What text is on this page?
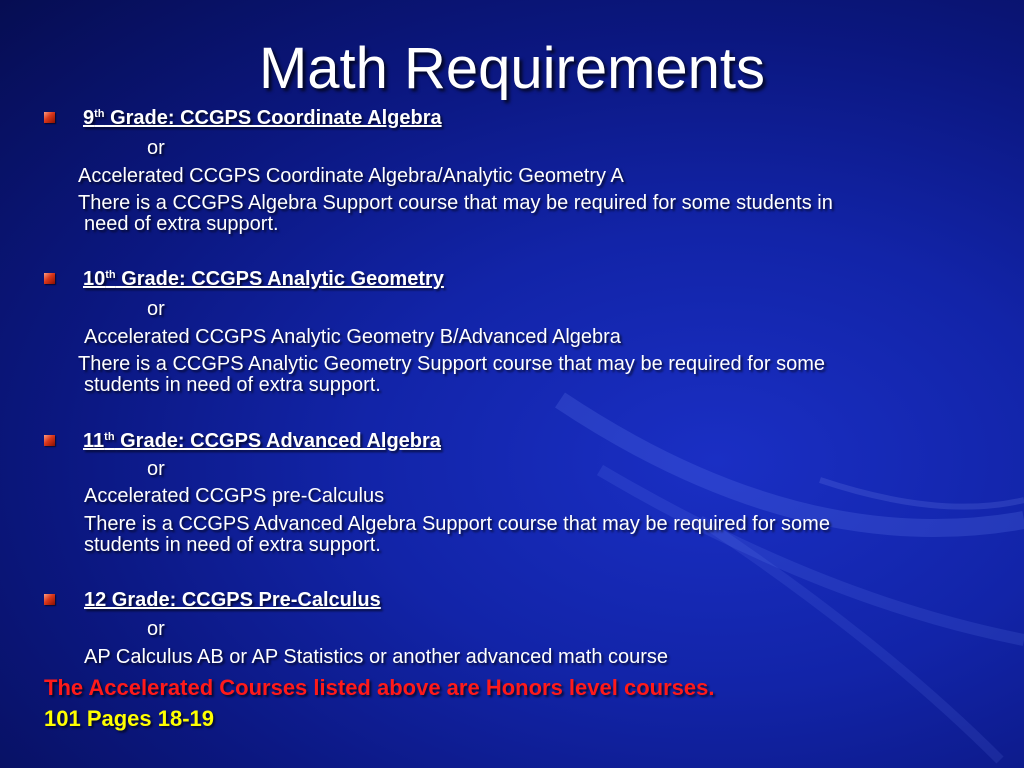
Math Requirements
9th Grade: CCGPS Coordinate Algebra
or
Accelerated CCGPS Coordinate Algebra/Analytic Geometry A
There is a CCGPS Algebra Support course that may be required for some students in
need of extra support.
10th Grade: CCGPS Analytic Geometry
or
Accelerated CCGPS Analytic Geometry B/Advanced Algebra
There is a CCGPS Analytic Geometry Support course that may be required for some
students in need of extra support.
11th Grade: CCGPS Advanced Algebra
or
Accelerated CCGPS pre-Calculus
There is a CCGPS Advanced Algebra Support course that may be required for some
students in need of extra support.
12 Grade: CCGPS Pre-Calculus
or
AP Calculus AB or AP Statistics or another advanced math course
The Accelerated Courses listed above are Honors level courses.
101 Pages 18-19
